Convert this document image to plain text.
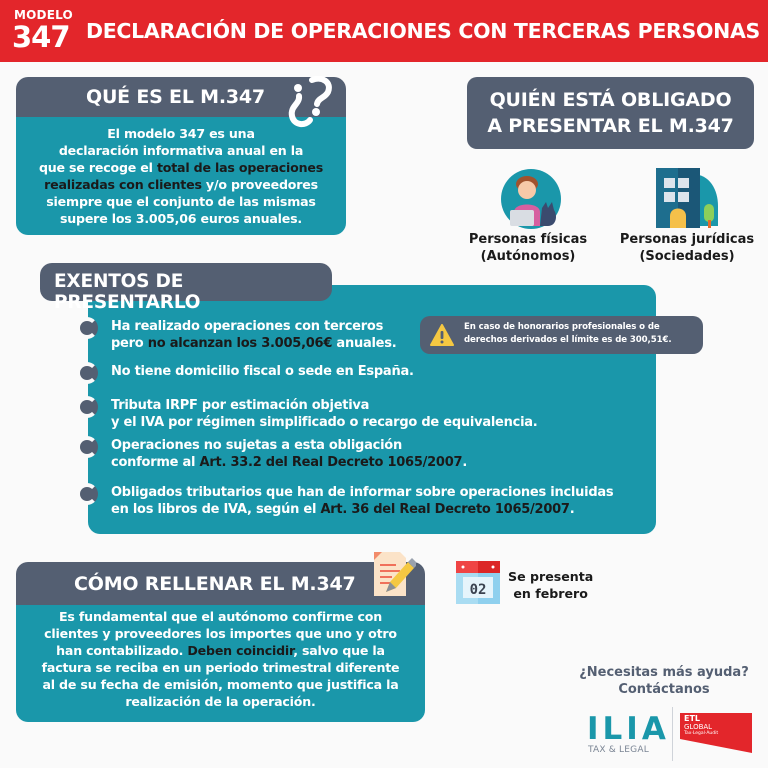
MODELO
347 DECLARACIÓN DE OPERACIONES CON TERCERAS PERSONAS
QUÉ ES EL M.347
El modelo 347 es una
declaración informativa anual en la
que se recoge el total de las operaciones
realizadas con clientes y/o proveedores
siempre que el conjunto de las mismas
supere los 3.005,06 euros anuales.
QUIÉN ESTÁ OBLIGADO
A PRESENTAR EL M.347
Personas físicas
(Autónomos)
Personas jurídicas
(Sociedades)
EXENTOS DE PRESENTARLO
Ha realizado operaciones con terceros
pero no alcanzan los 3.005,06€ anuales.
No tiene domicilio fiscal o sede en España.
Tributa IRPF por estimación objetiva
y el IVA por régimen simplificado o recargo de equivalencia.
Operaciones no sujetas a esta obligación
conforme al Art. 33.2 del Real Decreto 1065/2007.
Obligados tributarios que han de informar sobre operaciones incluidas
en los libros de IVA, según el Art. 36 del Real Decreto 1065/2007.
En caso de honorarios profesionales o de
derechos derivados el límite es de 300,51€.
CÓMO RELLENAR EL M.347
Es fundamental que el autónomo confirme con
clientes y proveedores los importes que uno y otro
han contabilizado. Deben coincidir, salvo que la
factura se reciba en un periodo trimestral diferente
al de su fecha de emisión, momento que justifica la
realización de la operación.
02
Se presenta
en febrero
¿Necesitas más ayuda?
Contáctanos
ILIA
TAX & LEGAL
ETL
GLOBAL
Tax·Legal·Audit
